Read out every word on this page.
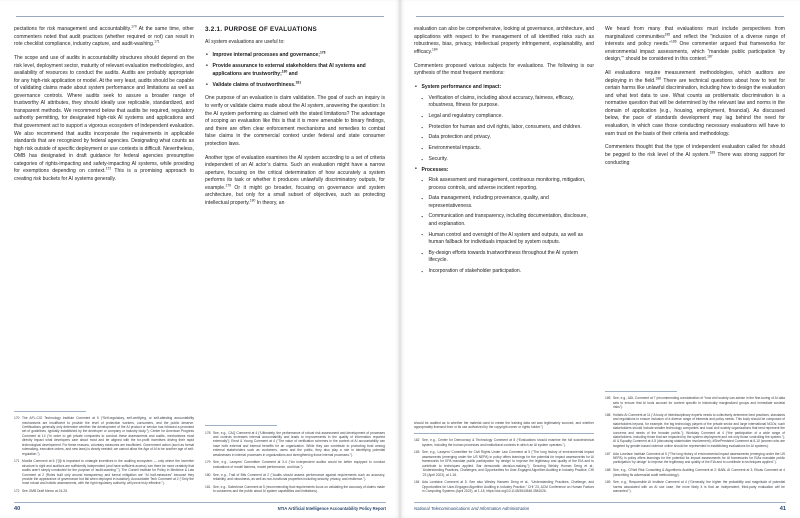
pectations for risk management and accountability.$^{170}$ At the same time, other commenters noted that audit practices (whether required or not) can result in rote checklist compliance, industry capture, and audit-washing.$^{171}$

The scope and use of audits in accountability structures should depend on the risk level, deployment sector, maturity of relevant evaluation methodologies, and availability of resources to conduct the audits. Audits are probably appropriate for any high-risk application or model. At the very least, audits should be capable of validating claims made about system performance and limitations as well as governance controls. Where audits seek to assure a broader range of trustworthy AI attributes, they should ideally use replicable, standardized, and transparent methods. We recommend below that audits be required, regulatory authority permitting, for designated high-risk AI systems and applications and that government act to support a vigorous ecosystem of independent evaluation. We also recommend that audits incorporate the requirements in applicable standards that are recognized by federal agencies. Designating what counts as high risk outside of specific deployment or use contexts is difficult. Nevertheless, OMB has designated in draft guidance for federal agencies presumptive categories of rights-impacting and safety-impacting AI systems, while providing for exemptions depending on context.$^{172}$ This is a promising approach to creating risk buckets for AI systems generally.

170 The AFL-CIO Technology Institute Comment at 5 (“Self-regulatory, self-certifying, or self-attesting accountability mechanisms are insufficient to provide the level of protection workers, consumers, and the public deserve. Certifications generally only determine whether the development of the AI product or service has followed a promised set of guidelines, typically established by the developer or company or industry body.”); Center for American Progress Comment at 14 (“In order to get private companies to conduct these assessments and audits, mechanisms must directly impact what developers care about most and be aligned with the for-profit incentives driving their rapid technological development. For these reasons, voluntary measures are insufficient. Government action (such as formal rulemaking, executive orders, and new laws) is clearly needed; we cannot allow the Age of AI to be another age of self-regulation.”).
171 Mozilla Comment at 6 (“[I]t is important to untangle incentives in the auditing ecosystem — only where the incentive structure is right and auditors are sufficiently independent (and have sufficient access) can there be more certainty that audits aren’t simply conducted for the purpose of ‘audit-washing’.”); The Cordell Institute for Policy in Medicine & Law Comment at 2 (Rules built only around transparency and formal mitigation are “AI half-measures” because they provide the appearance of governance but fail when deployed in isolation); Accountable Tech Comment at 2 (“Only the most robust and holistic assessments, with the right regulatory authority, will prove truly effective.”).
172 See OMB Draft Memo at 24-25.
3.2.1. PURPOSE OF EVALUATIONS

AI system evaluations are useful to:

• Improve internal processes and governance;$^{178}$
• Provide assurance to external stakeholders that AI systems and applications are trustworthy;$^{180}$ and
• Validate claims of trustworthiness.$^{181}$

One purpose of an evaluation is claim validation. The goal of such an inquiry is to verify or validate claims made about the AI system, answering the question: Is the AI system performing as claimed with the stated limitations? The advantage of scoping an evaluation like this is that it is more amenable to binary findings, and there are often clear enforcement mechanisms and remedies to combat false claims in the commercial context under federal and state consumer protection laws.

Another type of evaluation examines the AI system according to a set of criteria independent of an AI actor’s claims. Such an evaluation might have a narrow aperture, focusing on the critical determination of how accurately a system performs its task or whether it produces unlawfully discriminatory outputs, for example.$^{179}$ Or it might go broader, focusing on governance and system architecture, but only for a small subset of objectives, such as protecting intellectual property.$^{180}$ In theory, an

178 See, e.g., CAQ Comment at 4 (“Ultimately, the performance of robust risk assessment and development of processes and controls increases internal accountability and leads to improvements in the quality of information reported externally”); Ernst & Young Comment at 4 (“The value of verification schemes in the context of AI accountability can have both external and internal benefits for an organization. While they can contribute to promoting trust among external stakeholders such as customers, users and the public, they also play a role in identifying potential weaknesses in internal processes in organizations and strengthening those internal processes.”).
179 See, e.g., Lawyers’ Committee Comment at 3-4 (“An independent auditor would be better equipped to conduct evaluations of model fairness, model performance, and bias.”).
180 See, e.g., Trail of Bits Comment at 2 (“Audits should assess performance against requirements such as accuracy, reliability, and robustness, as well as non-functional properties including security, privacy, and resilience.”).
181 See, e.g., Salesforce Comment at 5 (recommending that requirements focus on validating the accuracy of claims made to customers and the public about AI system capabilities and limitations).
40	NTIA Artificial Intelligence Accountability Policy Report

evaluation can also be comprehensive, looking at governance, architecture, and applications with respect to the management of all identified risks such as robustness, bias, privacy, intellectual property infringement, explainability, and efficacy.$^{184}$

Commenters proposed various subjects for evaluations. The following is our synthesis of the most frequent mentions:

• System performance and impact:
▪ Verification of claims, including about accuracy, fairness, efficacy, robustness, fitness for purpose.
▪ Legal and regulatory compliance.
▪ Protection for human and civil rights, labor, consumers, and children.
▪ Data protection and privacy.
▪ Environmental impacts.
▪ Security.
• Processes:
▪ Risk assessment and management, continuous monitoring, mitigation, process controls, and adverse incident reporting.
▪ Data management, including provenance, quality, and representativeness.
▪ Communication and transparency, including documentation, disclosure, and explanation.
▪ Human control and oversight of the AI system and outputs, as well as human fallback for individuals impacted by system outputs.
▪ By-design efforts towards trustworthiness throughout the AI system lifecycle.
▪ Incorporation of stakeholder participation.
should be audited as to whether the material used to create the training data set was legitimately sourced, and whether appropriately licensed from or its use authorized by the copyright owner or rights holder.”)
182 See, e.g., Center for Democracy & Technology Comment at 8 (“Evaluations should examine the full sociotechnical system, including the human processes and institutional contexts in which an AI system operates.”).
183 See, e.g., Lawyers’ Committee for Civil Rights Under Law Comment at 5 (“The long history of environmental impact assessments (emerging under the US NEPA) in policy offers learnings for the potential for impact assessments for AI frameworks for EPA mandate public participation ‘by design’ to improve the legitimacy and quality of the EIA and to contribute to techniques applied. Bar democratic decision-making.”); Securing Weidry Human Deng et al., ‘Understanding Practices, Challenges, and Opportunities for User-Engaged Algorithm Auditing in Industry Practice, CHI ’23 (April 2023), at 1-18.
184 Ada Lovelace Comment at 5. See also Wesley Hanwen Deng et al., “Understanding Practices, Challenge, and Opportunities for User-Engaged Algorithm Auditing in Industry Practice,” CHI ’23, ACM Conference on Human Factors in Computing Systems (April 2023), at 1-18, https://doi.org/10.1145/3544548.3581026.

We heard from many that evaluations must include perspectives from marginalized communities$^{185}$ and reflect the “inclusion of a diverse range of interests and policy needs.”$^{186}$ One commenter argued that frameworks for environmental impact assessments, which “mandate public participation ‘by design,’” should be considered in this context.$^{187}$

All evaluations require measurement methodologies, which auditors are deploying in the field.$^{188}$ There are technical questions about how to test for certain harms like unlawful discrimination, including how to design the evaluation and what test data to use. What counts as problematic discrimination is a normative question that will be determined by the relevant law and norms in the domain of application (e.g., housing, employment, financial). As discussed below, the pace of standards development may lag behind the need for evaluation, in which case those conducting necessary evaluations will have to earn trust on the basis of their criteria and methodology.

Commenters thought that the type of independent evaluation called for should be pegged to the risk level of the AI system.$^{189}$ There was strong support for conducting

185 See, e.g., ADL Comment at 7 (recommending consideration of “how civil society can advise in the fine-tuning of AI data sets to ensure that AI tools account for context specific to historically marginalized groups and immediate societal risks”).
186 Holistic AI Comment at 11 (“A body of interdisciplinary experts needs to collectively determine best practices, standards and regulations to ensure inclusion of a diverse range of interests and policy needs. This body should be composed of stakeholders beyond, for example, the big technology players of the private sector and large international NGOs; such stakeholders should include smaller technology companies and local civil society organizations that best represent the concerns and needs of the broader public.”); Workday Comment at 4 (“the participation of a wide range of stakeholders, including those that are impacted by the system deployment and not only those controlling the system.”); AI & Equality Comment at 4-5 (discussing stakeholder involvement); #ShePersisted Comment at 8-10 (women who are targeted by gender-based violence online should be represented in establishing evaluations for AI systems).
187 Ada Lovelace Institute Comment at 5 (“The long history of environmental impact assessments (emerging under the US NEPA) in policy offers learnings for the potential for impact assessments for AI frameworks for EIAs mandate public participation ‘by design’ to improve the legitimacy and quality of the EIA and to contribute to techniques applied.”).
188 See, e.g., O’Neil Risk Consulting & Algorithmic Auditing Comment at 2; BABL AI Comment at 3; Eticas Comment at 4 (describing its adversarial audit methodology).
189 See, e.g., Responsible AI Institute Comment at 4 (“Generally, the higher the probability and magnitude of potential harms associated with an AI use case, the more likely it is that an independent, third-party evaluation will be warranted.”).
National Telecommunications and Information Administration	41
